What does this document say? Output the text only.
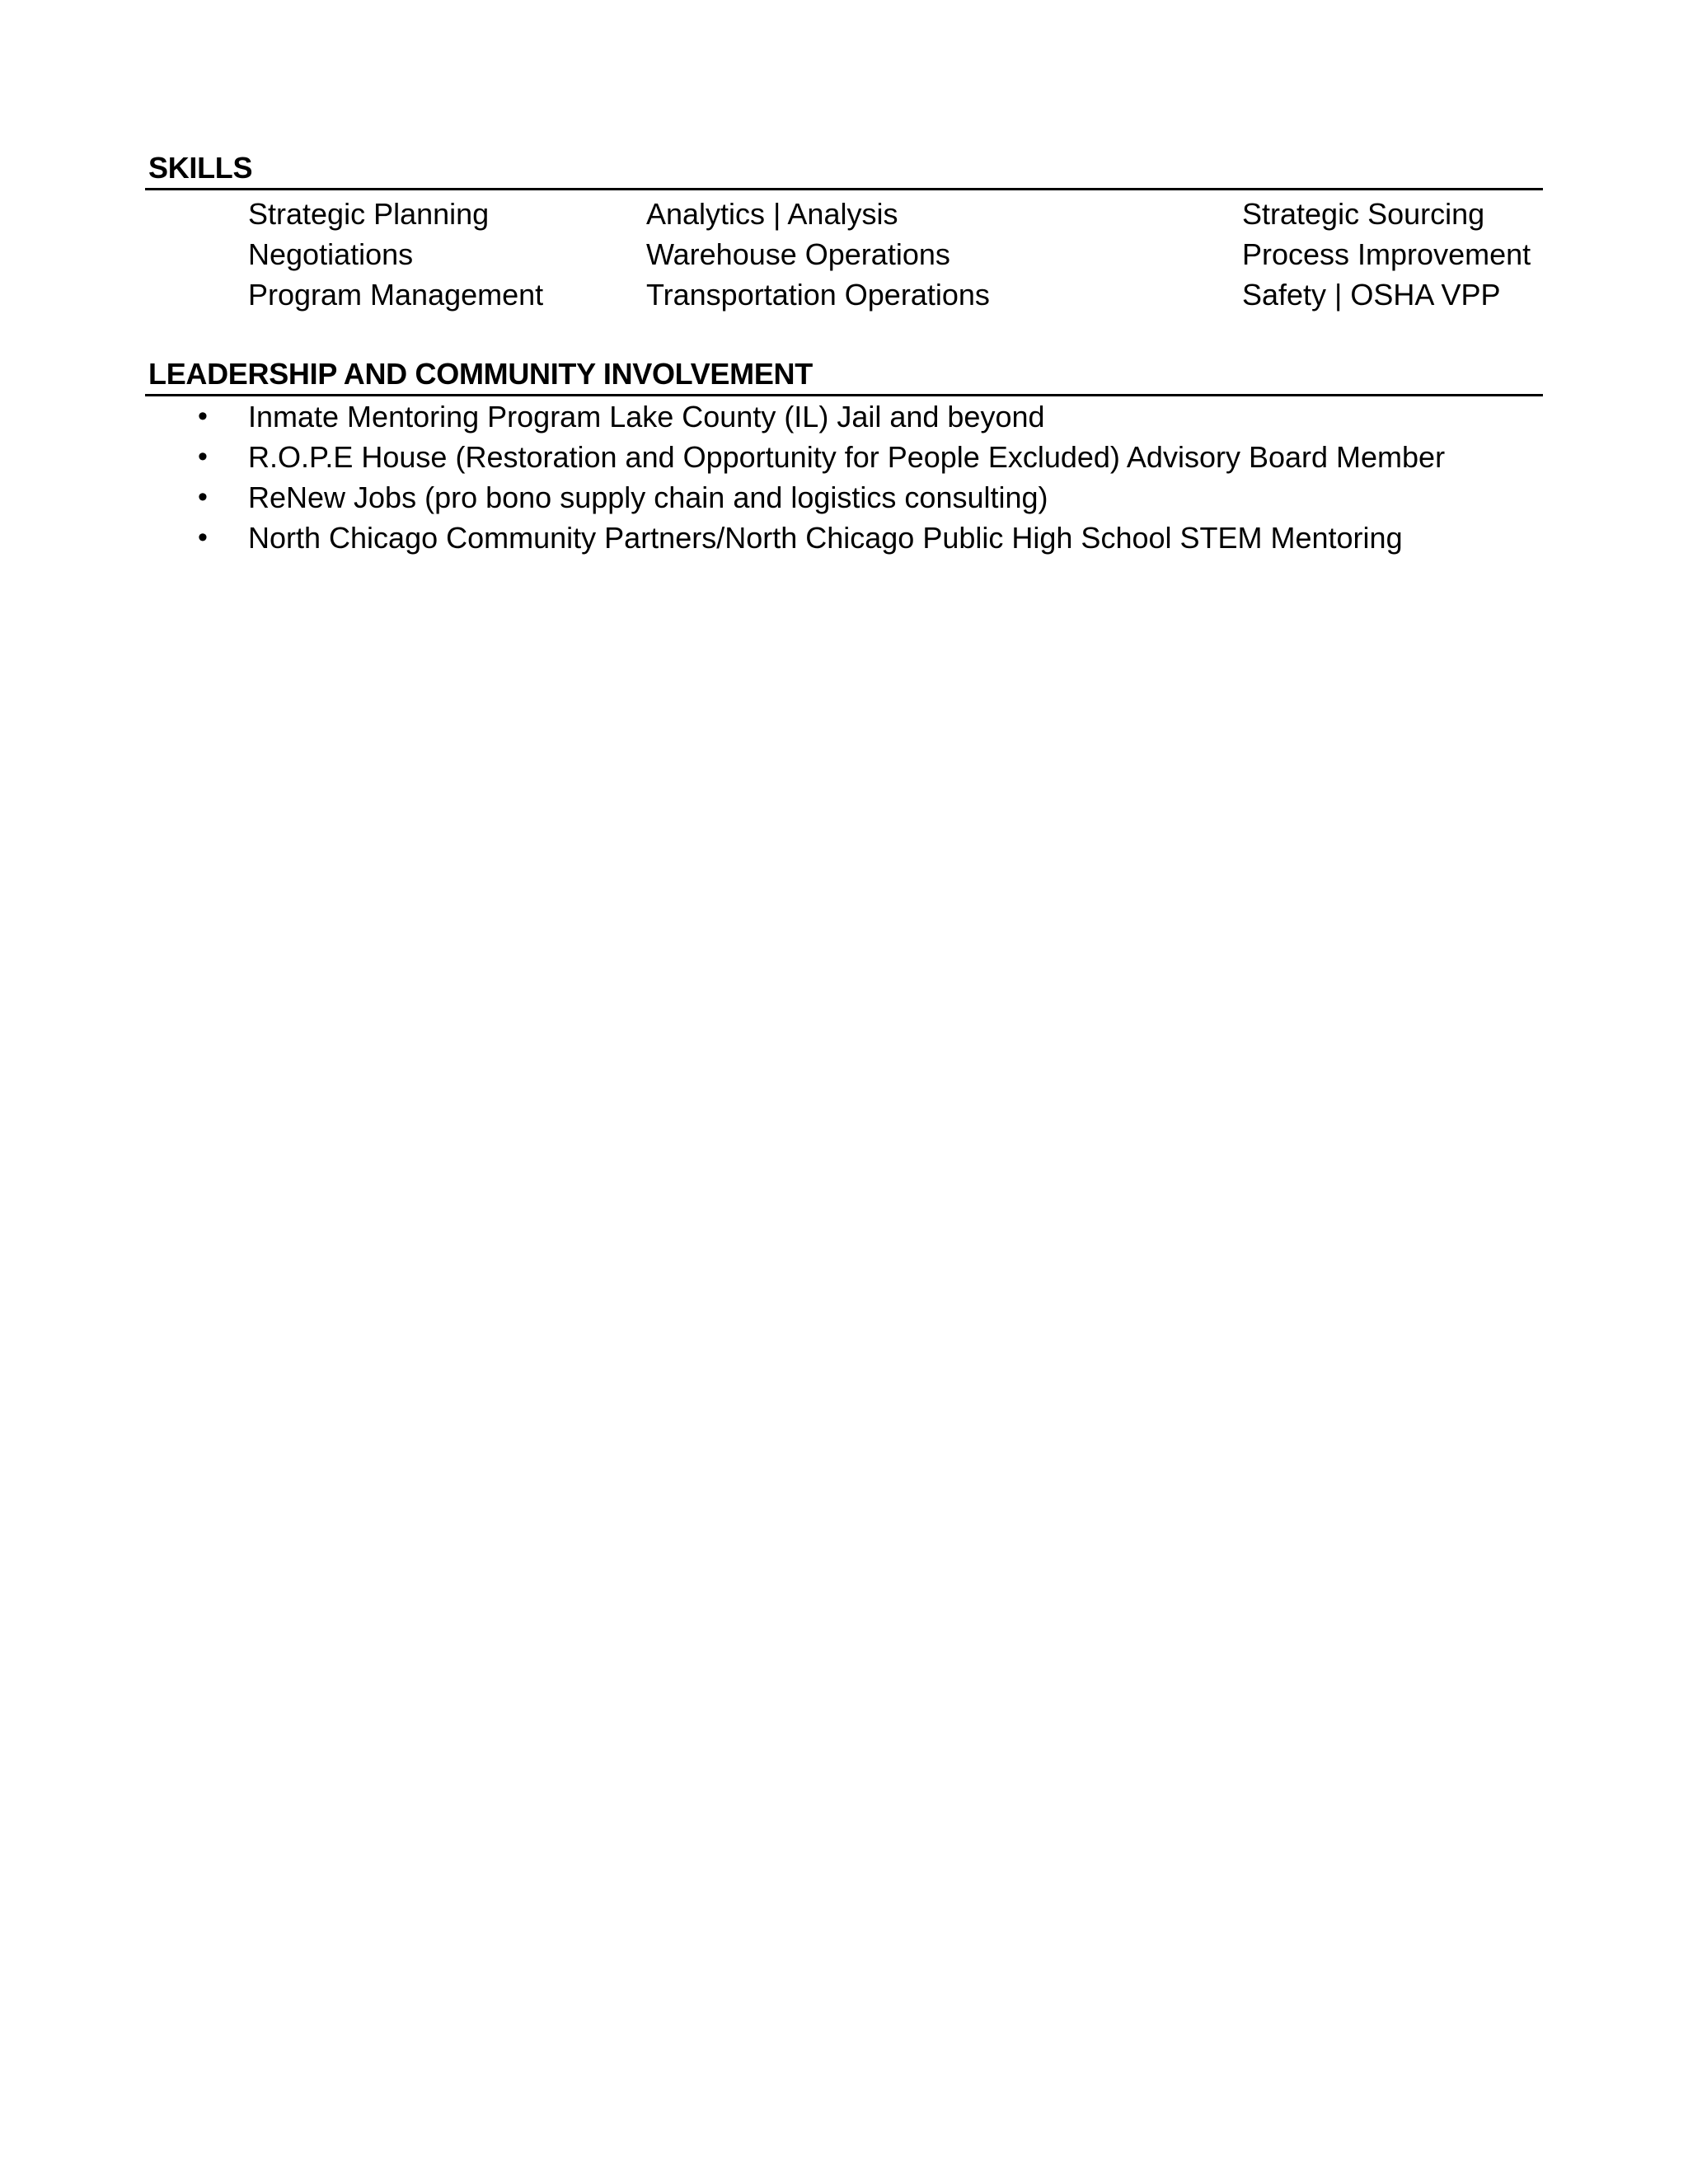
SKILLS
Strategic Planning
Negotiations
Program Management
Analytics | Analysis
Warehouse Operations
Transportation Operations
Strategic Sourcing
Process Improvement
Safety | OSHA VPP
LEADERSHIP AND COMMUNITY INVOLVEMENT
• Inmate Mentoring Program Lake County (IL) Jail and beyond
• R.O.P.E House (Restoration and Opportunity for People Excluded) Advisory Board Member
• ReNew Jobs (pro bono supply chain and logistics consulting)
• North Chicago Community Partners/North Chicago Public High School STEM Mentoring
